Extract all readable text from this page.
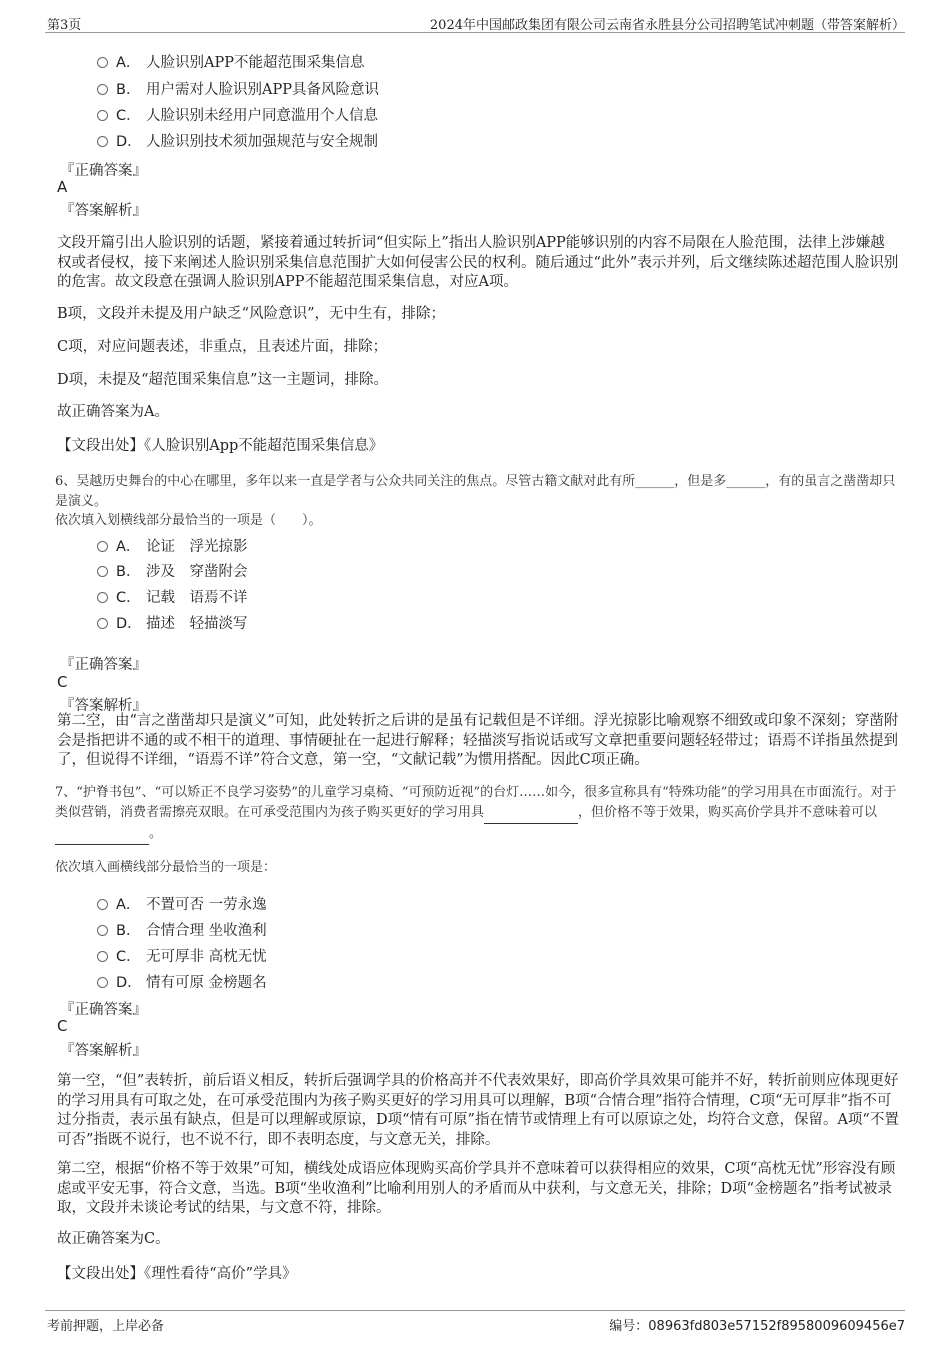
第3页	2024年中国邮政集团有限公司云南省永胜县分公司招聘笔试冲刺题（带答案解析）
A． 人脸识别APP不能超范围采集信息
B． 用户需对人脸识别APP具备风险意识
C． 人脸识别未经用户同意滥用个人信息
D． 人脸识别技术须加强规范与安全规制
『正确答案』
A
『答案解析』
文段开篇引出人脸识别的话题，紧接着通过转折词“但实际上”指出人脸识别APP能够识别的内容不局限在人脸范围，法律上涉嫌越权或者侵权，接下来阐述人脸识别采集信息范围扩大如何侵害公民的权利。随后通过“此外”表示并列，后文继续陈述超范围人脸识别的危害。故文段意在强调人脸识别APP不能超范围采集信息，对应A项。
B项，文段并未提及用户缺乏“风险意识”，无中生有，排除；
C项，对应问题表述，非重点，且表述片面，排除；
D项，未提及“超范围采集信息”这一主题词，排除。
故正确答案为A。
【文段出处】《人脸识别App不能超范围采集信息》
6、吴越历史舞台的中心在哪里，多年以来一直是学者与公众共同关注的焦点。尽管古籍文献对此有所______，但是多______，有的虽言之凿凿却只是演义。
依次填入划横线部分最恰当的一项是（　　）。
A． 论证　浮光掠影
B． 涉及　穿凿附会
C． 记载　语焉不详
D． 描述　轻描淡写
『正确答案』
C
『答案解析』
第二空，由“言之凿凿却只是演义”可知，此处转折之后讲的是虽有记载但是不详细。浮光掠影比喻观察不细致或印象不深刻；穿凿附会是指把讲不通的或不相干的道理、事情硬扯在一起进行解释；轻描淡写指说话或写文章把重要问题轻轻带过；语焉不详指虽然提到了，但说得不详细，“语焉不详”符合文意，第一空，“文献记载”为惯用搭配。因此C项正确。
7、“护脊书包”、“可以矫正不良学习姿势”的儿童学习桌椅、“可预防近视”的台灯……如今，很多宣称具有“特殊功能”的学习用具在市面流行。对于类似营销，消费者需擦亮双眼。在可承受范围内为孩子购买更好的学习用具	，但价格不等于效果，购买高价学具并不意味着可以 。
依次填入画横线部分最恰当的一项是：
A． 不置可否 一劳永逸
B． 合情合理 坐收渔利
C． 无可厚非 高枕无忧
D． 情有可原 金榜题名
『正确答案』
C
『答案解析』
第一空，“但”表转折，前后语义相反，转折后强调学具的价格高并不代表效果好，即高价学具效果可能并不好，转折前则应体现更好的学习用具有可取之处，在可承受范围内为孩子购买更好的学习用具可以理解，B项“合情合理”指符合情理，C项“无可厚非”指不可过分指责，表示虽有缺点，但是可以理解或原谅，D项“情有可原”指在情节或情理上有可以原谅之处，均符合文意，保留。A项“不置可否”指既不说行，也不说不行，即不表明态度，与文意无关，排除。
第二空，根据“价格不等于效果”可知，横线处成语应体现购买高价学具并不意味着可以获得相应的效果，C项“高枕无忧”形容没有顾虑或平安无事，符合文意，当选。B项“坐收渔利”比喻利用别人的矛盾而从中获利，与文意无关，排除；D项“金榜题名”指考试被录取，文段并未谈论考试的结果，与文意不符，排除。
故正确答案为C。
【文段出处】《理性看待“高价”学具》
考前押题，上岸必备	编号：08963fd803e57152f8958009609456e7
